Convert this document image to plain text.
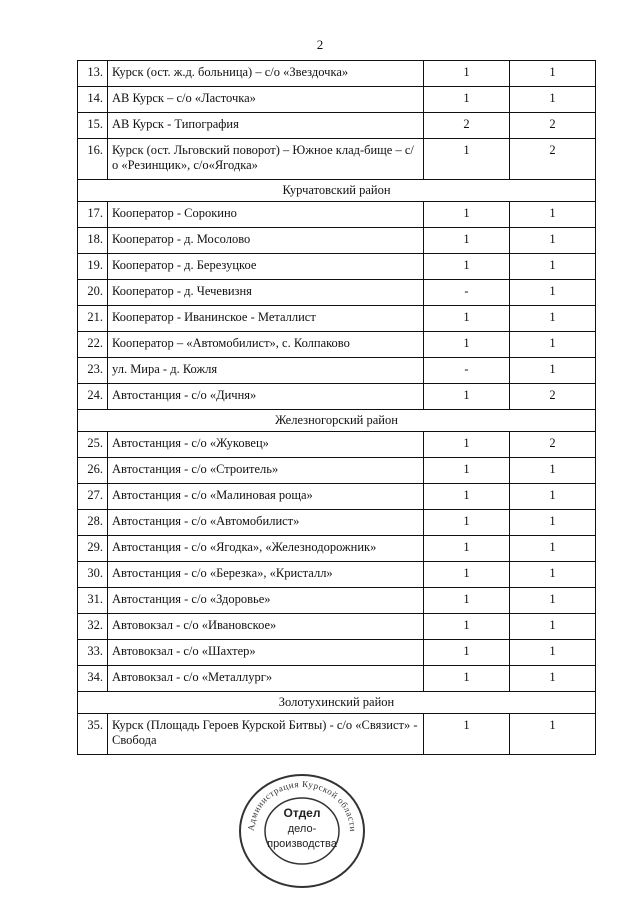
2
13.	Курск (ост. ж.д. больница) – с/о «Звездочка»	1	1
14.	АВ Курск – с/о «Ласточка»	1	1
15.	АВ Курск - Типография	2	2
16.	Курск (ост. Льговский поворот) – Южное клад-бище – с/о «Резинщик», с/о«Ягодка»	1	2
Курчатовский район			
17.	Кооператор - Сорокино	1	1
18.	Кооператор - д. Мосолово	1	1
19.	Кооператор - д. Березуцкое	1	1
20.	Кооператор - д. Чечевизня	-	1
21.	Кооператор - Иванинское - Металлист	1	1
22.	Кооператор – «Автомобилист», с. Колпаково	1	1
23.	ул. Мира - д. Кожля	-	1
24.	Автостанция - с/о «Дичня»	1	2
Железногорский район			
25.	Автостанция - с/о «Жуковец»	1	2
26.	Автостанция - с/о «Строитель»	1	1
27.	Автостанция - с/о «Малиновая роща»	1	1
28.	Автостанция - с/о «Автомобилист»	1	1
29.	Автостанция - с/о «Ягодка», «Железнодорожник»	1	1
30.	Автостанция - с/о «Березка», «Кристалл»	1	1
31.	Автостанция - с/о «Здоровье»	1	1
32.	Автовокзал - с/о «Ивановское»	1	1
33.	Автовокзал - с/о «Шахтер»	1	1
34.	Автовокзал - с/о «Металлург»	1	1
Золотухинский район			
35.	Курск (Площадь Героев Курской Битвы) - с/о «Связист» - Свобода	1	1
Администрация Курской области
Отдел
дело-
производства
